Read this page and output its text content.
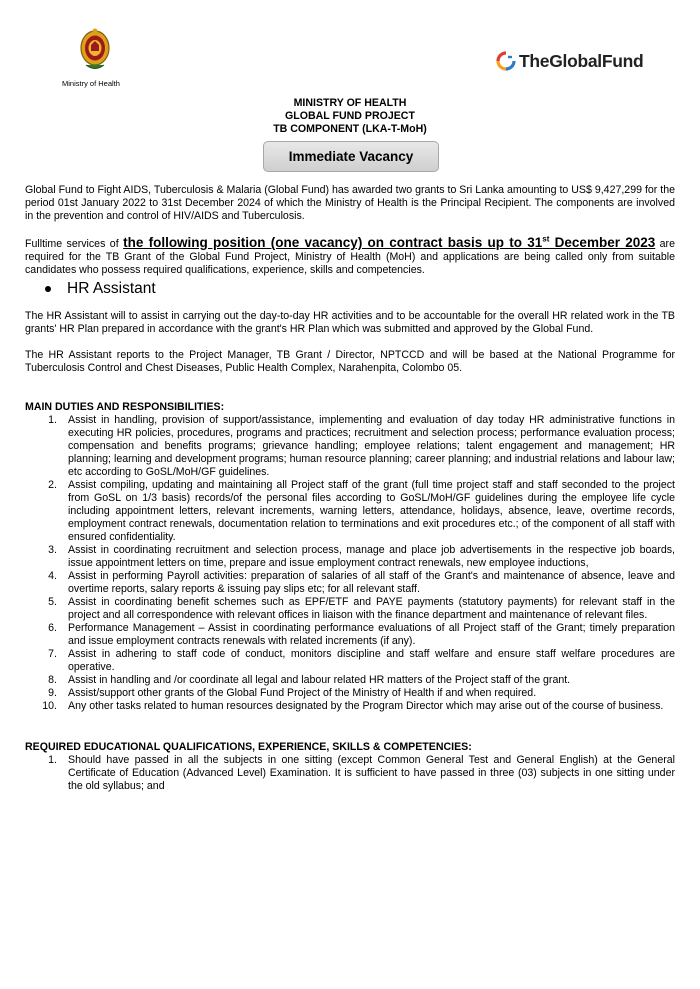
Ministry of Health
TheGlobalFund
MINISTRY OF HEALTH
GLOBAL FUND PROJECT
TB COMPONENT (LKA-T-MoH)
Immediate Vacancy

Global Fund to Fight AIDS, Tuberculosis & Malaria (Global Fund) has awarded two grants to Sri Lanka amounting to US$ 9,427,299 for the period 01st January 2022 to 31st December 2024 of which the Ministry of Health is the Principal Recipient. The components are involved in the prevention and control of HIV/AIDS and Tuberculosis.

Fulltime services of the following position (one vacancy) on contract basis up to 31st December 2023 are required for the TB Grant of the Global Fund Project, Ministry of Health (MoH) and applications are being called only from suitable candidates who possess required qualifications, experience, skills and competencies.

HR Assistant

The HR Assistant will to assist in carrying out the day-to-day HR activities and to be accountable for the overall HR related work in the TB grants' HR Plan prepared in accordance with the grant's HR Plan which was submitted and approved by the Global Fund.

The HR Assistant reports to the Project Manager, TB Grant / Director, NPTCCD and will be based at the National Programme for Tuberculosis Control and Chest Diseases, Public Health Complex, Narahenpita, Colombo 05.

MAIN DUTIES AND RESPONSIBILITIES:
1.	Assist in handling, provision of support/assistance, implementing and evaluation of day today HR administrative functions in executing HR policies, procedures, programs and practices; recruitment and selection process; performance evaluation process; compensation and benefits programs; grievance handling; employee relations; talent engagement and management; HR planning; learning and development programs; human resource planning; career planning; and industrial relations and labour law; etc according to GoSL/MoH/GF guidelines.
2.	Assist compiling, updating and maintaining all Project staff of the grant (full time project staff and staff seconded to the project from GoSL on 1/3 basis) records/of the personal files according to GoSL/MoH/GF guidelines during the employee life cycle including appointment letters, relevant increments, warning letters, attendance, holidays, absence, leave, overtime records, employment contract renewals, documentation relation to terminations and exit procedures etc.; of the component of all staff with ensured confidentiality.
3.	Assist in coordinating recruitment and selection process, manage and place job advertisements in the respective job boards, issue appointment letters on time, prepare and issue employment contract renewals, new employee inductions,
4.	Assist in performing Payroll activities: preparation of salaries of all staff of the Grant's and maintenance of absence, leave and overtime reports, salary reports & issuing pay slips etc; for all relevant staff.
5.	Assist in coordinating benefit schemes such as EPF/ETF and PAYE payments (statutory payments) for relevant staff in the project and all correspondence with relevant offices in liaison with the finance department and maintenance of relevant files.
6.	Performance Management – Assist in coordinating performance evaluations of all Project staff of the Grant; timely preparation and issue employment contracts renewals with related increments (if any).
7.	Assist in adhering to staff code of conduct, monitors discipline and staff welfare and ensure staff welfare procedures are operative.
8.	Assist in handling and /or coordinate all legal and labour related HR matters of the Project staff of the grant.
9.	Assist/support other grants of the Global Fund Project of the Ministry of Health if and when required.
10.	Any other tasks related to human resources designated by the Program Director which may arise out of the course of business.
REQUIRED EDUCATIONAL QUALIFICATIONS, EXPERIENCE, SKILLS & COMPETENCIES:
1.	Should have passed in all the subjects in one sitting (except Common General Test and General English) at the General Certificate of Education (Advanced Level) Examination. It is sufficient to have passed in three (03) subjects in one sitting under the old syllabus; and
